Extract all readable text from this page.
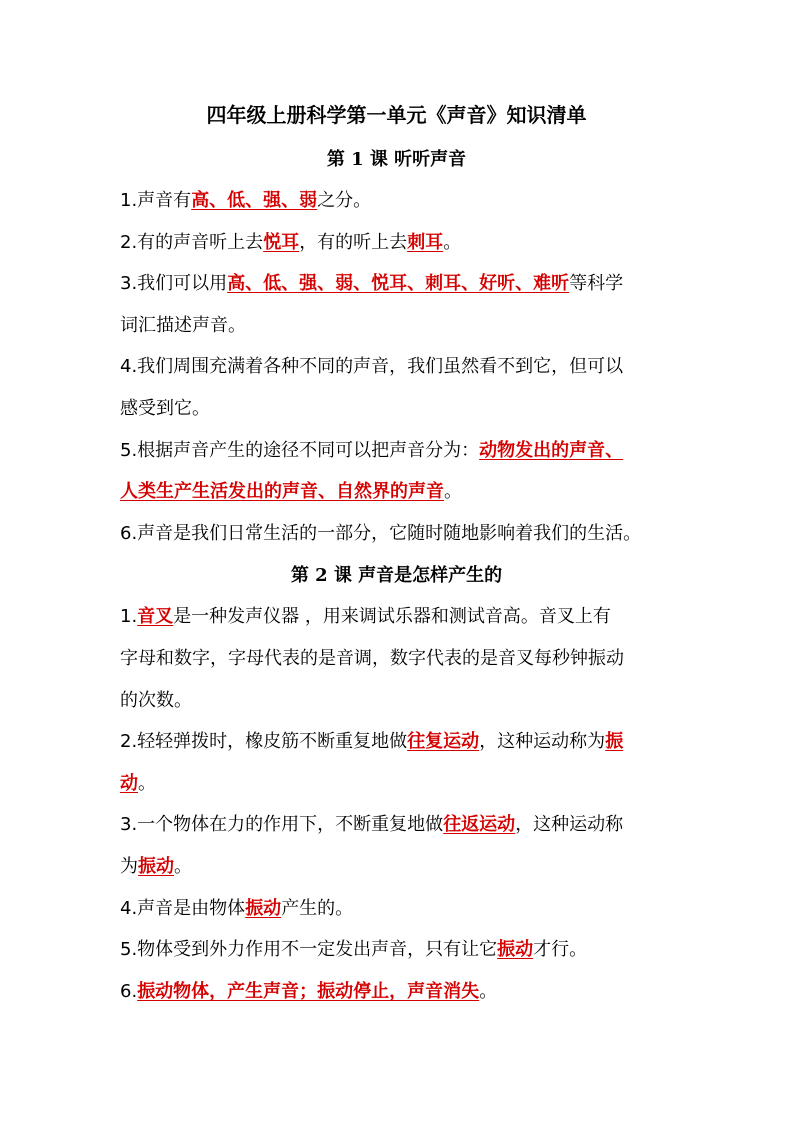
四年级上册科学第一单元《声音》知识清单
第 1 课 听听声音
1.声音有高、低、强、弱之分。
2.有的声音听上去悦耳，有的听上去刺耳。
3.我们可以用高、低、强、弱、悦耳、刺耳、好听、难听等科学
词汇描述声音。
4.我们周围充满着各种不同的声音，我们虽然看不到它，但可以
感受到它。
5.根据声音产生的途径不同可以把声音分为：动物发出的声音、
人类生产生活发出的声音、自然界的声音。
6.声音是我们日常生活的一部分，它随时随地影响着我们的生活。
第 2 课 声音是怎样产生的
1.音叉是一种发声仪器 ，用来调试乐器和测试音高。音叉上有
字母和数字，字母代表的是音调，数字代表的是音叉每秒钟振动
的次数。
2.轻轻弹拨时，橡皮筋不断重复地做往复运动，这种运动称为振
动。
3.一个物体在力的作用下，不断重复地做往返运动，这种运动称
为振动。
4.声音是由物体振动产生的。
5.物体受到外力作用不一定发出声音，只有让它振动才行。
6.振动物体，产生声音；振动停止，声音消失。
